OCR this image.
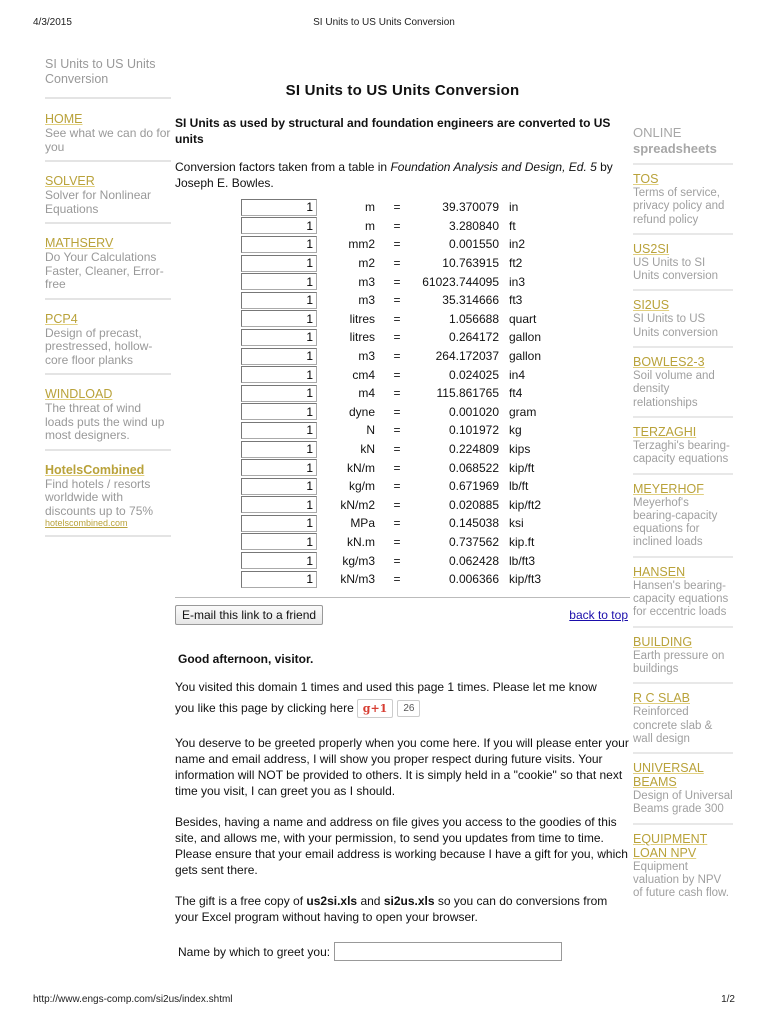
4/3/2015	SI Units to US Units Conversion
SI Units to US Units Conversion
HOME
See what we can do for you
SOLVER
Solver for Nonlinear Equations
MATHSERV
Do Your Calculations Faster, Cleaner, Error-free
PCP4
Design of precast, prestressed, hollow-core floor planks
WINDLOAD
The threat of wind loads puts the wind up most designers.
HotelsCombined
Find hotels / resorts worldwide with discounts up to 75%
hotelscombined.com
SI Units to US Units Conversion
SI Units as used by structural and foundation engineers are converted to US units
Conversion factors taken from a table in Foundation Analysis and Design, Ed. 5 by Joseph E. Bowles.
1	m	=	39.370079	in
1	m	=	3.280840	ft
1	mm2	=	0.001550	in2
1	m2	=	10.763915	ft2
1	m3	=	61023.744095	in3
1	m3	=	35.314666	ft3
1	litres	=	1.056688	quart
1	litres	=	0.264172	gallon
1	m3	=	264.172037	gallon
1	cm4	=	0.024025	in4
1	m4	=	115.861765	ft4
1	dyne	=	0.001020	gram
1	N	=	0.101972	kg
1	kN	=	0.224809	kips
1	kN/m	=	0.068522	kip/ft
1	kg/m	=	0.671969	lb/ft
1	kN/m2	=	0.020885	kip/ft2
1	MPa	=	0.145038	ksi
1	kN.m	=	0.737562	kip.ft
1	kg/m3	=	0.062428	lb/ft3
1	kN/m3	=	0.006366	kip/ft3
E-mail this link to a friend	back to top
Good afternoon, visitor.

You visited this domain 1 times and used this page 1 times. Please let me know

you like this page by clicking here g+1	26

You deserve to be greeted properly when you come here. If you will please enter your name and email address, I will show you proper respect during future visits. Your information will NOT be provided to others. It is simply held in a "cookie" so that next time you visit, I can greet you as I should.

Besides, having a name and address on file gives you access to the goodies of this site, and allows me, with your permission, to send you updates from time to time. Please ensure that your email address is working because I have a gift for you, which gets sent there.

The gift is a free copy of us2si.xls and si2us.xls so you can do conversions from your Excel program without having to open your browser.

Name by which to greet you:
ONLINE
spreadsheets
TOS
Terms of service, privacy policy and refund policy
US2SI
US Units to SI Units conversion
SI2US
SI Units to US Units conversion
BOWLES2-3
Soil volume and density relationships
TERZAGHI
Terzaghi's bearing-capacity equations
MEYERHOF
Meyerhof's bearing-capacity equations for inclined loads
HANSEN
Hansen's bearing-capacity equations for eccentric loads
BUILDING
Earth pressure on buildings
R C SLAB
Reinforced concrete slab & wall design
UNIVERSAL BEAMS
Design of Universal Beams grade 300
EQUIPMENT LOAN NPV
Equipment valuation by NPV of future cash flow.
http://www.engs-comp.com/si2us/index.shtml	1/2
